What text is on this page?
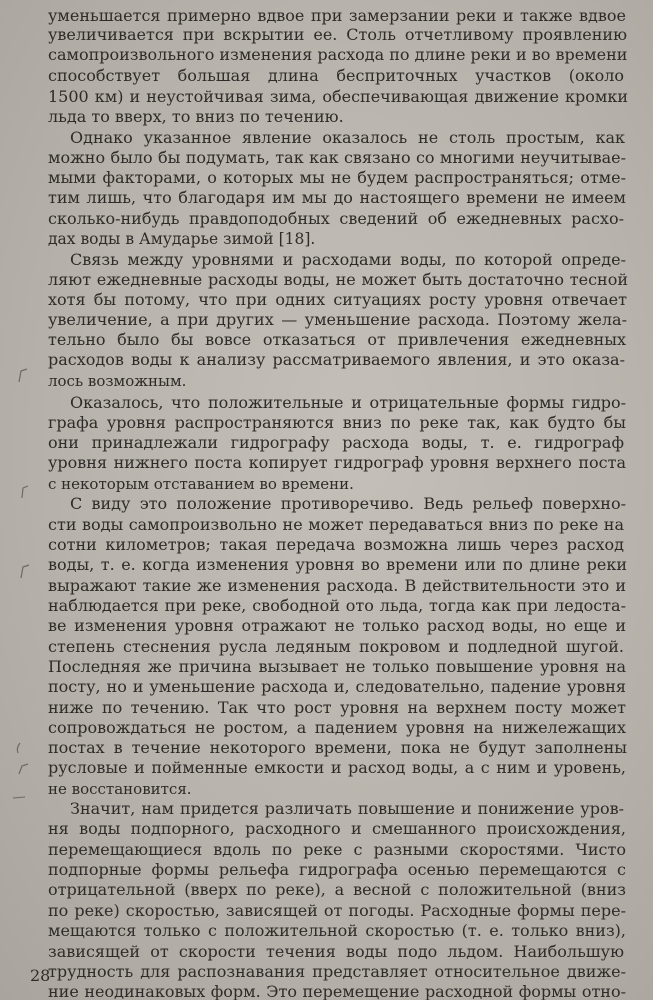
уменьшается примерно вдвое при замерзании реки и также вдвое
увеличивается при вскрытии ее. Столь отчетливому проявлению
самопроизвольного изменения расхода по длине реки и во времени
способствует большая длина бесприточных участков (около
1500 км) и неустойчивая зима, обеспечивающая движение кромки
льда то вверх, то вниз по течению.
Однако указанное явление оказалось не столь простым, как
можно было бы подумать, так как связано со многими неучитывае-
мыми факторами, о которых мы не будем распространяться; отме-
тим лишь, что благодаря им мы до настоящего времени не имеем
сколько-нибудь правдоподобных сведений об ежедневных расхо-
дах воды в Амударье зимой [18].
Связь между уровнями и расходами воды, по которой опреде-
ляют ежедневные расходы воды, не может быть достаточно тесной
хотя бы потому, что при одних ситуациях росту уровня отвечает
увеличение, а при других — уменьшение расхода. Поэтому жела-
тельно было бы вовсе отказаться от привлечения ежедневных
расходов воды к анализу рассматриваемого явления, и это оказа-
лось возможным.
Оказалось, что положительные и отрицательные формы гидро-
графа уровня распространяются вниз по реке так, как будто бы
они принадлежали гидрографу расхода воды, т. е. гидрограф
уровня нижнего поста копирует гидрограф уровня верхнего поста
с некоторым отставанием во времени.
С виду это положение противоречиво. Ведь рельеф поверхно-
сти воды самопроизвольно не может передаваться вниз по реке на
сотни километров; такая передача возможна лишь через расход
воды, т. е. когда изменения уровня во времени или по длине реки
выражают такие же изменения расхода. В действительности это и
наблюдается при реке, свободной ото льда, тогда как при ледоста-
ве изменения уровня отражают не только расход воды, но еще и
степень стеснения русла ледяным покровом и подледной шугой.
Последняя же причина вызывает не только повышение уровня на
посту, но и уменьшение расхода и, следовательно, падение уровня
ниже по течению. Так что рост уровня на верхнем посту может
сопровождаться не ростом, а падением уровня на нижележащих
постах в течение некоторого времени, пока не будут заполнены
русловые и пойменные емкости и расход воды, а с ним и уровень,
не восстановится.
Значит, нам придется различать повышение и понижение уров-
ня воды подпорного, расходного и смешанного происхождения,
перемещающиеся вдоль по реке с разными скоростями. Чисто
подпорные формы рельефа гидрографа осенью перемещаются с
отрицательной (вверх по реке), а весной с положительной (вниз
по реке) скоростью, зависящей от погоды. Расходные формы пере-
мещаются только с положительной скоростью (т. е. только вниз),
зависящей от скорости течения воды подо льдом. Наибольшую
трудность для распознавания представляет относительное движе-
ние неодинаковых форм. Это перемещение расходной формы отно-
28
